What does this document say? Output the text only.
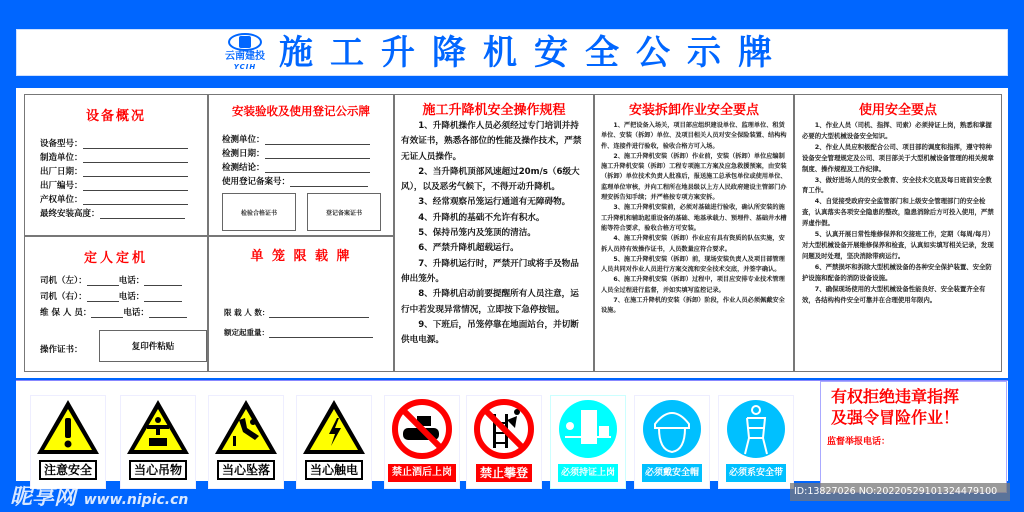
云南建投
YCIH 施工升降机安全公示牌
设备概况
设备型号：
制造单位：
出厂日期：
出厂编号：
产权单位：
最终安装高度：
定人定机
司机（左）：	电话：
司机（右）：	电话：
维 保 人 员：	电话：
操作证书：	复印件粘贴
安装验收及使用登记公示牌
检测单位：
检测日期：
检测结论：
使用登记备案号：
检验合格证书	登记备案证书
单 笼 限 载 牌
限 载 人 数：
额定起重量：
施工升降机安全操作规程

1、升降机操作人员必须经过专门培训并持有效证书，熟悉各部位的性能及操作技术，严禁无证人员操作。

2、当升降机顶部风速超过20m/s（6级大风），以及恶劣气候下，不得开动升降机。

3、经常观察吊笼运行通道有无障碍物。

4、升降机的基础不允许有积水。

5、保持吊笼内及笼顶的清洁。

6、严禁升降机超载运行。

7、升降机运行时，严禁开门或将手及物品伸出笼外。

8、升降机启动前要提醒所有人员注意，运行中若发现异常情况，立即按下急停按钮。

9、下班后，吊笼停靠在地面站台，并切断供电电源。

安装拆卸作业安全要点

1、严把设备入场关，项目部应组织建设单位、监理单位、租赁单位、安装（拆卸）单位、及项目相关人员对安全保险装置、结构构件、连接件进行验收，验收合格方可入场。

2、施工升降机安装（拆卸）作业前，安装（拆卸）单位应编制施工升降机安装（拆卸）工程专项施工方案及应急救援预案，由安装（拆卸）单位技术负责人批准后，报送施工总承包单位或使用单位、监理单位审核，并向工程所在地县级以上方人民政府建设主管部门办理安拆告知手续；并严格按专项方案安拆。

3、施工升降机安装前，必须对基础进行验收，确认所安装的施工升降机和辅助起重设备的基础、地基承载力、预埋件、基础井水槽能等符合要求，验收合格方可安装。

4、施工升降机安装（拆卸）作业应有具有资质的队伍实施，安拆人员持有效操作证书，人员数量应符合要求。

5、施工升降机安装（拆卸）前，现场安装负责人及项目部管理人员共同对作业人员进行方案交流和安全技术交底，并签字确认。

6、施工升降机安装（拆卸）过程中，项目应安排专业技术管理人员全过程进行监督，并如实填写监控记录。

7、在施工升降机的安装（拆卸）阶段，作业人员必须佩戴安全设施。

使用安全要点

1、作业人员（司机、指挥、司索）必须持证上岗，熟悉和掌握必要的大型机械设备安全知识。

2、作业人员应积极配合公司、项目部的调度和指挥，遵守特种设备安全管理规定及公司、项目部关于大型机械设备管理的相关规章制度、操作规程及工作纪律。

3、做好进场人员的安全教育、安全技术交底及每日班前安全教育工作。

4、自觉接受政府安全监管部门和上级安全管理部门的安全检查，认真落实各项安全隐患的整改，隐患消除后方可投入使用，严禁弄虚作假。

5、认真开展日常性维修保养和交接班工作，定期（每周/每月）对大型机械设备开展维修保养和检查，认真如实填写相关记录，发现问题及时处理，坚决消除带病运行。

6、严禁损坏和拆除大型机械设备的各种安全保护装置、安全防护设施和配备的消防设备设施。

7、确保现场使用的大型机械设备性能良好、安全装置齐全有效，各结构构件安全可靠并在合理使用年限内。

注意安全	当心吊物	当心坠落	当心触电	禁止酒后上岗	禁止攀登	必须持证上岗	必须戴安全帽	必须系安全带
有权拒绝违章指挥
及强令冒险作业！
监督举报电话：
昵享网 www.nipic.cn
ID:13827026 NO:20220529101324479100
